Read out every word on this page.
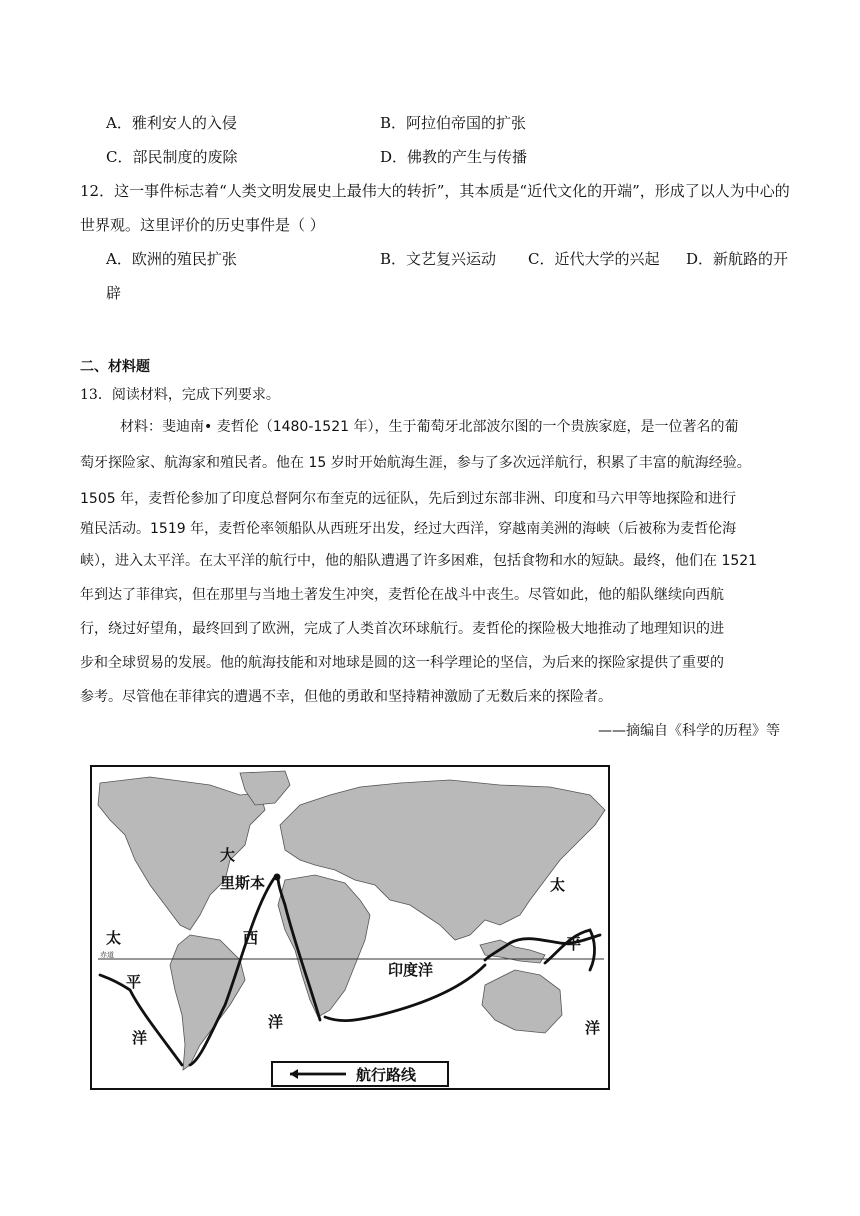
A．雅利安人的入侵	B．阿拉伯帝国的扩张
C．部民制度的废除	D．佛教的产生与传播
12．这一事件标志着“人类文明发展史上最伟大的转折”，其本质是“近代文化的开端”，形成了以人为中心的
世界观。这里评价的历史事件是（ ）
A．欧洲的殖民扩张	B．文艺复兴运动 C．近代大学的兴起 D．新航路的开
辟
二、材料题
13．阅读材料，完成下列要求。
材料：斐迪南• 麦哲伦（1480-1521 年），生于葡萄牙北部波尔图的一个贵族家庭，是一位著名的葡
萄牙探险家、航海家和殖民者。他在 15 岁时开始航海生涯，参与了多次远洋航行，积累了丰富的航海经验。
1505 年，麦哲伦参加了印度总督阿尔布奎克的远征队，先后到过东部非洲、印度和马六甲等地探险和进行
殖民活动。1519 年，麦哲伦率领船队从西班牙出发，经过大西洋，穿越南美洲的海峡（后被称为麦哲伦海
峡），进入太平洋。在太平洋的航行中，他的船队遭遇了许多困难，包括食物和水的短缺。最终，他们在 1521
年到达了菲律宾，但在那里与当地土著发生冲突，麦哲伦在战斗中丧生。尽管如此，他的船队继续向西航
行，绕过好望角，最终回到了欧洲，完成了人类首次环球航行。麦哲伦的探险极大地推动了地理知识的进
步和全球贸易的发展。他的航海技能和对地球是圆的这一科学理论的坚信，为后来的探险家提供了重要的
参考。尽管他在菲律宾的遭遇不幸，但他的勇敢和坚持精神激励了无数后来的探险者。
——摘编自《科学的历程》等
赤道
里斯本
大
西
洋
太
平
洋
印度洋
太
平
洋
航行路线
